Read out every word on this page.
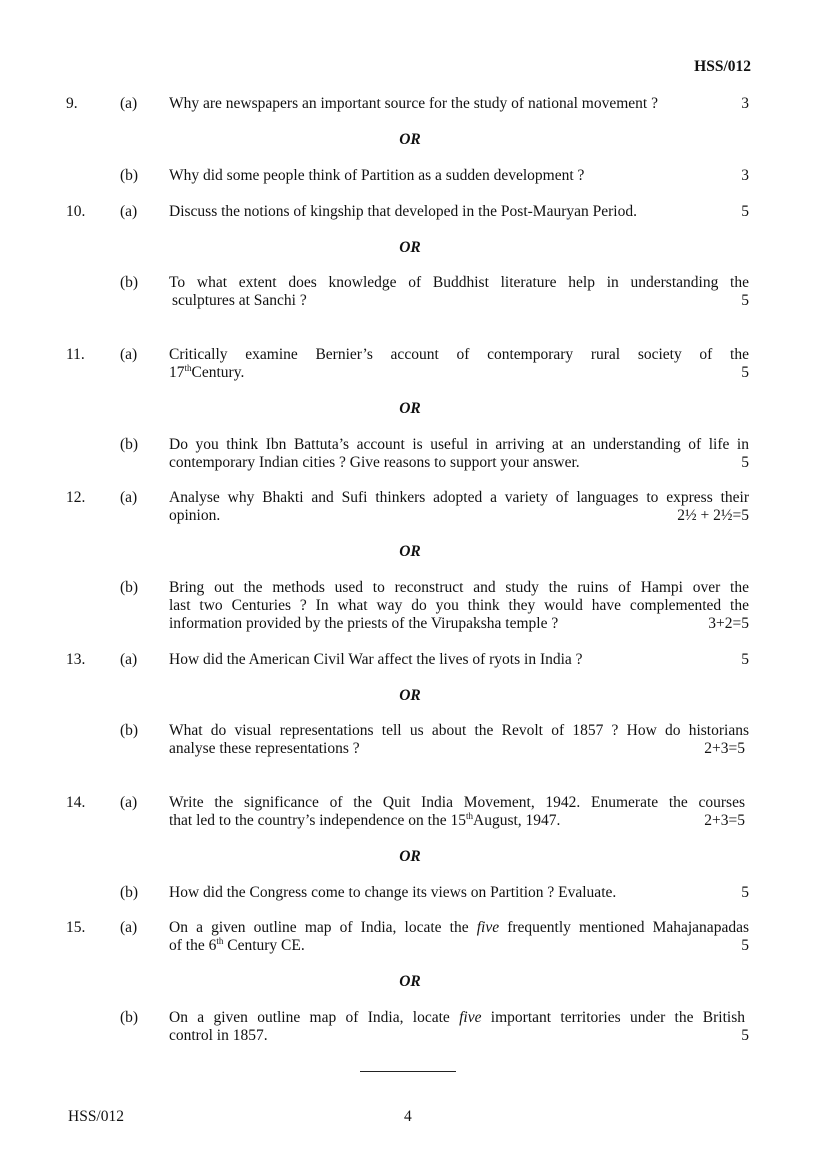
HSS/012
9.	(a) Why are newspapers an important source for the study of national movement ?	3
OR
(b) Why did some people think of Partition as a sudden development ?	3
10. (a) Discuss the notions of kingship that developed in the Post-Mauryan Period.	5
OR
(b) To what extent does knowledge of Buddhist literature help in understanding the
sculptures at Sanchi ?	5
11. (a) Critically examine Bernier’s account of contemporary rural society of the
17thCentury.	5
OR
(b) Do you think Ibn Battuta’s account is useful in arriving at an understanding of life in
contemporary Indian cities ? Give reasons to support your answer.	5
12. (a) Analyse why Bhakti and Sufi thinkers adopted a variety of languages to express their
opinion.	2½ + 2½=5
OR
(b) Bring out the methods used to reconstruct and study the ruins of Hampi over the
last two Centuries ? In what way do you think they would have complemented the
information provided by the priests of the Virupaksha temple ?	3+2=5
13. (a) How did the American Civil War affect the lives of ryots in India ?	5
OR
(b) What do visual representations tell us about the Revolt of 1857 ? How do historians
analyse these representations ?	2+3=5
14. (a) Write the significance of the Quit India Movement, 1942. Enumerate the courses
that led to the country’s independence on the 15thAugust, 1947.	2+3=5
OR
(b) How did the Congress come to change its views on Partition ? Evaluate.	5
15. (a) On a given outline map of India, locate the five frequently mentioned Mahajanapadas
of the 6th Century CE.	5
OR
(b) On a given outline map of India, locate five important territories under the British
control in 1857.	5
HSS/012	4
